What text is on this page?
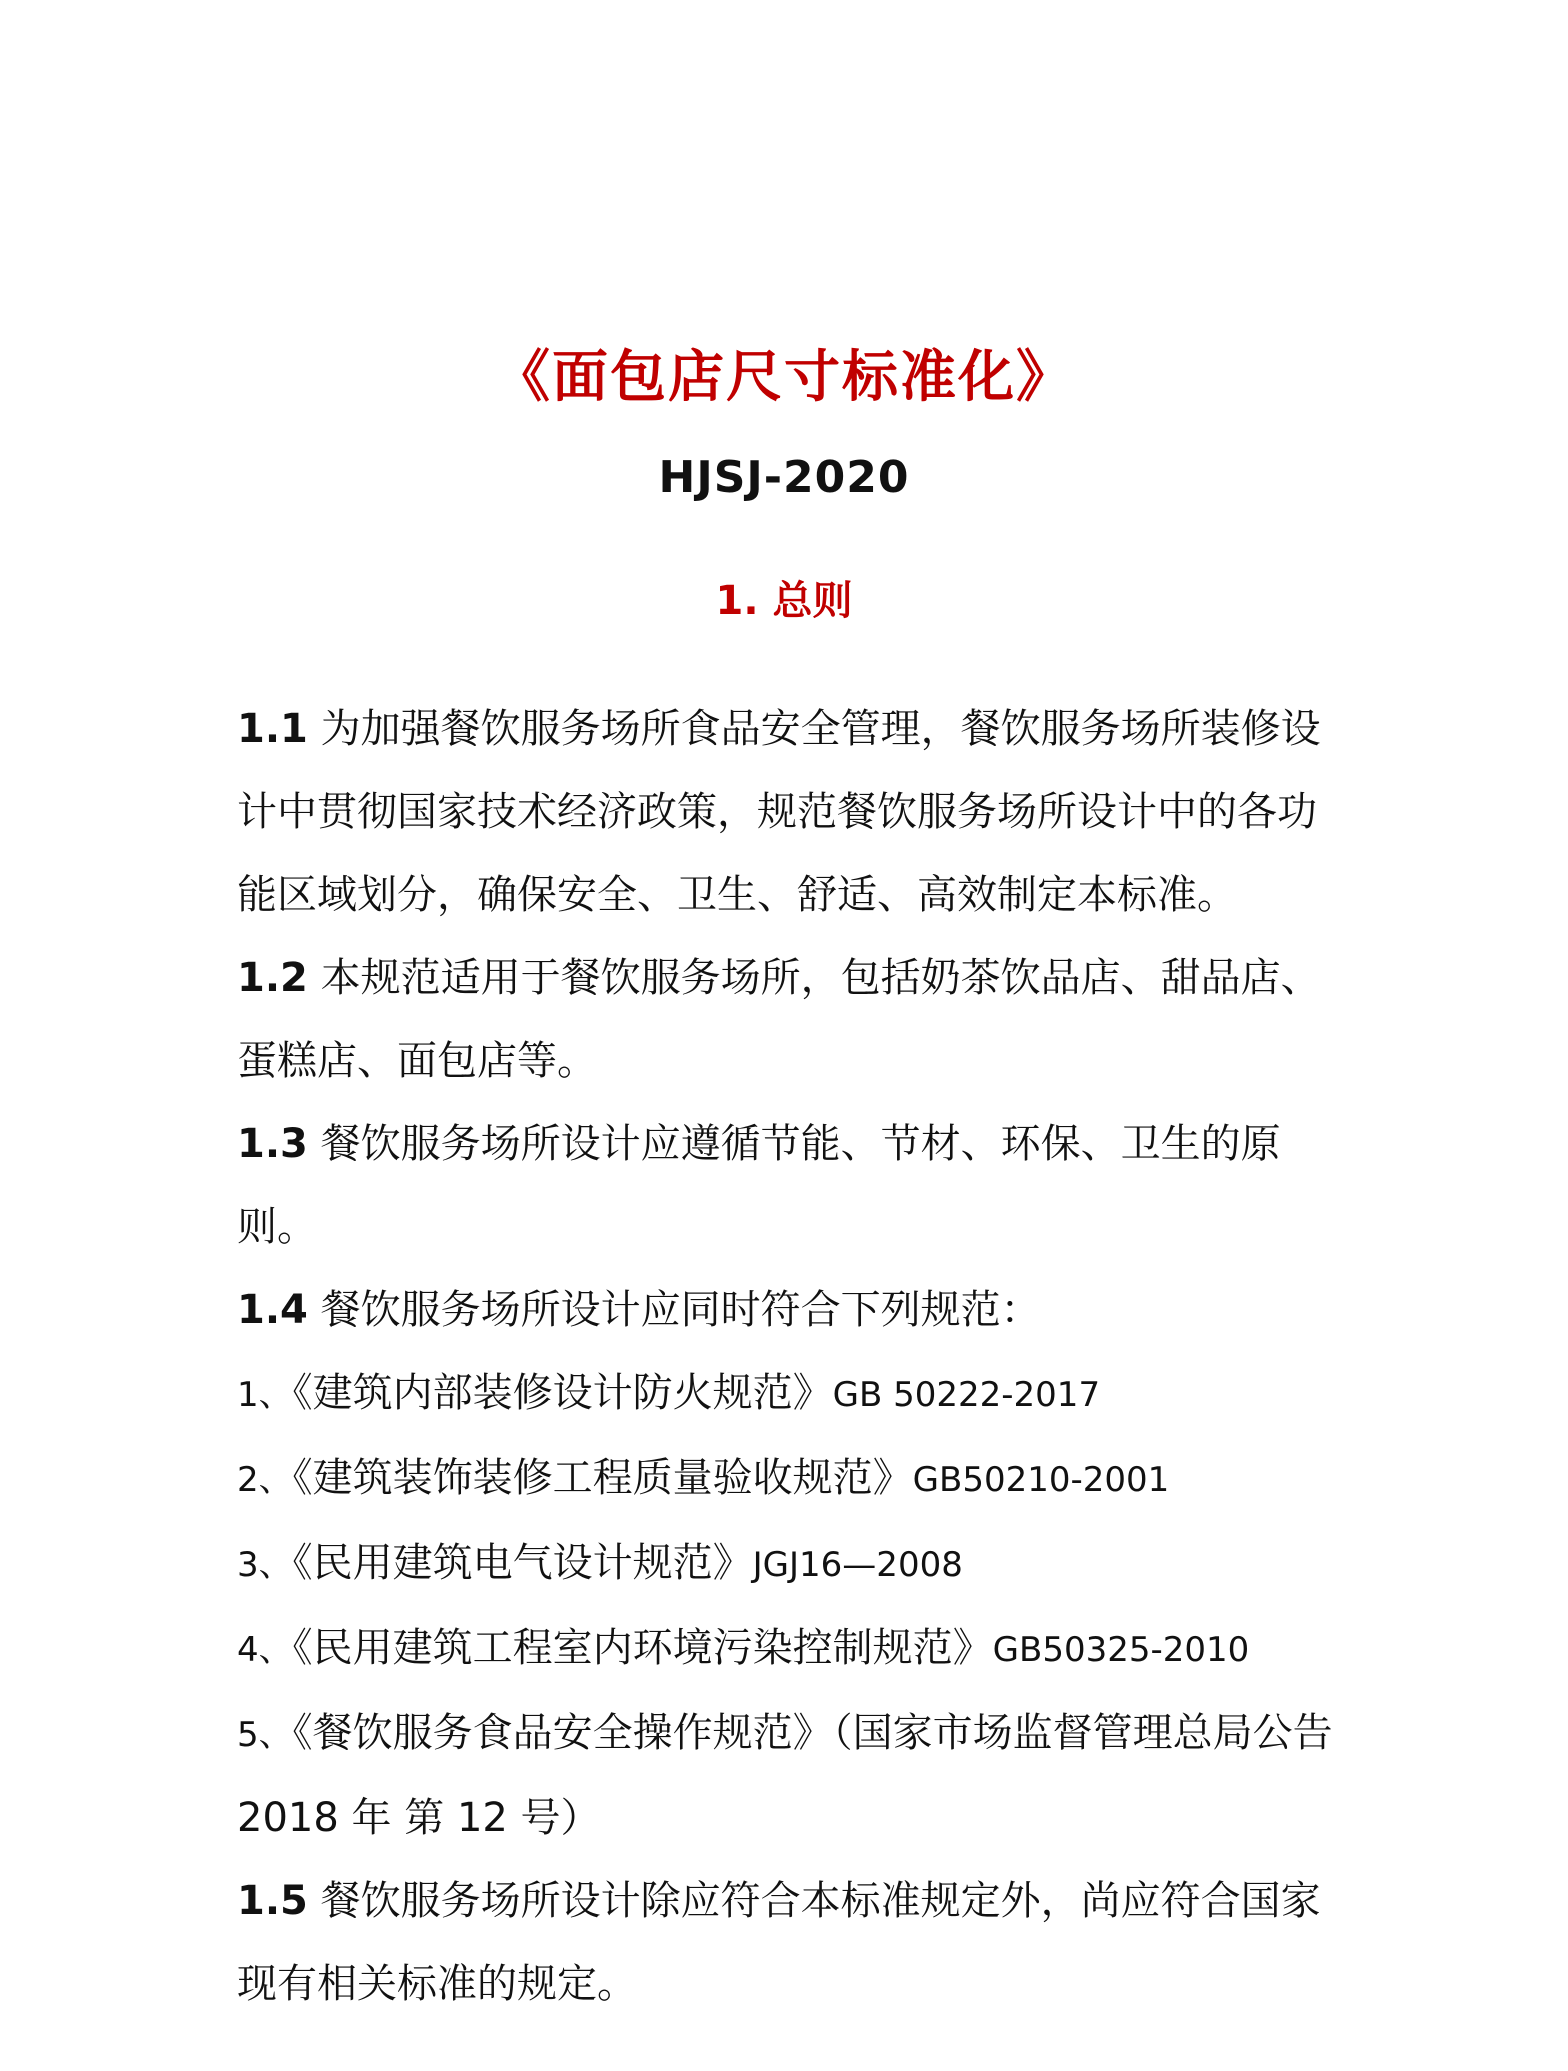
《面包店尺寸标准化》
HJSJ-2020
1. 总则

1.1 为加强餐饮服务场所食品安全管理，餐饮服务场所装修设计中贯彻国家技术经济政策，规范餐饮服务场所设计中的各功能区域划分，确保安全、卫生、舒适、高效制定本标准。

1.2 本规范适用于餐饮服务场所，包括奶茶饮品店、甜品店、蛋糕店、面包店等。

1.3 餐饮服务场所设计应遵循节能、节材、环保、卫生的原则。

1.4 餐饮服务场所设计应同时符合下列规范：

1、《建筑内部装修设计防火规范》GB 50222-2017

2、《建筑装饰装修工程质量验收规范》GB50210-2001

3、《民用建筑电气设计规范》JGJ16—2008

4、《民用建筑工程室内环境污染控制规范》GB50325-2010

5、《餐饮服务食品安全操作规范》（国家市场监督管理总局公告 2018 年 第 12 号）

1.5 餐饮服务场所设计除应符合本标准规定外，尚应符合国家现有相关标准的规定。
